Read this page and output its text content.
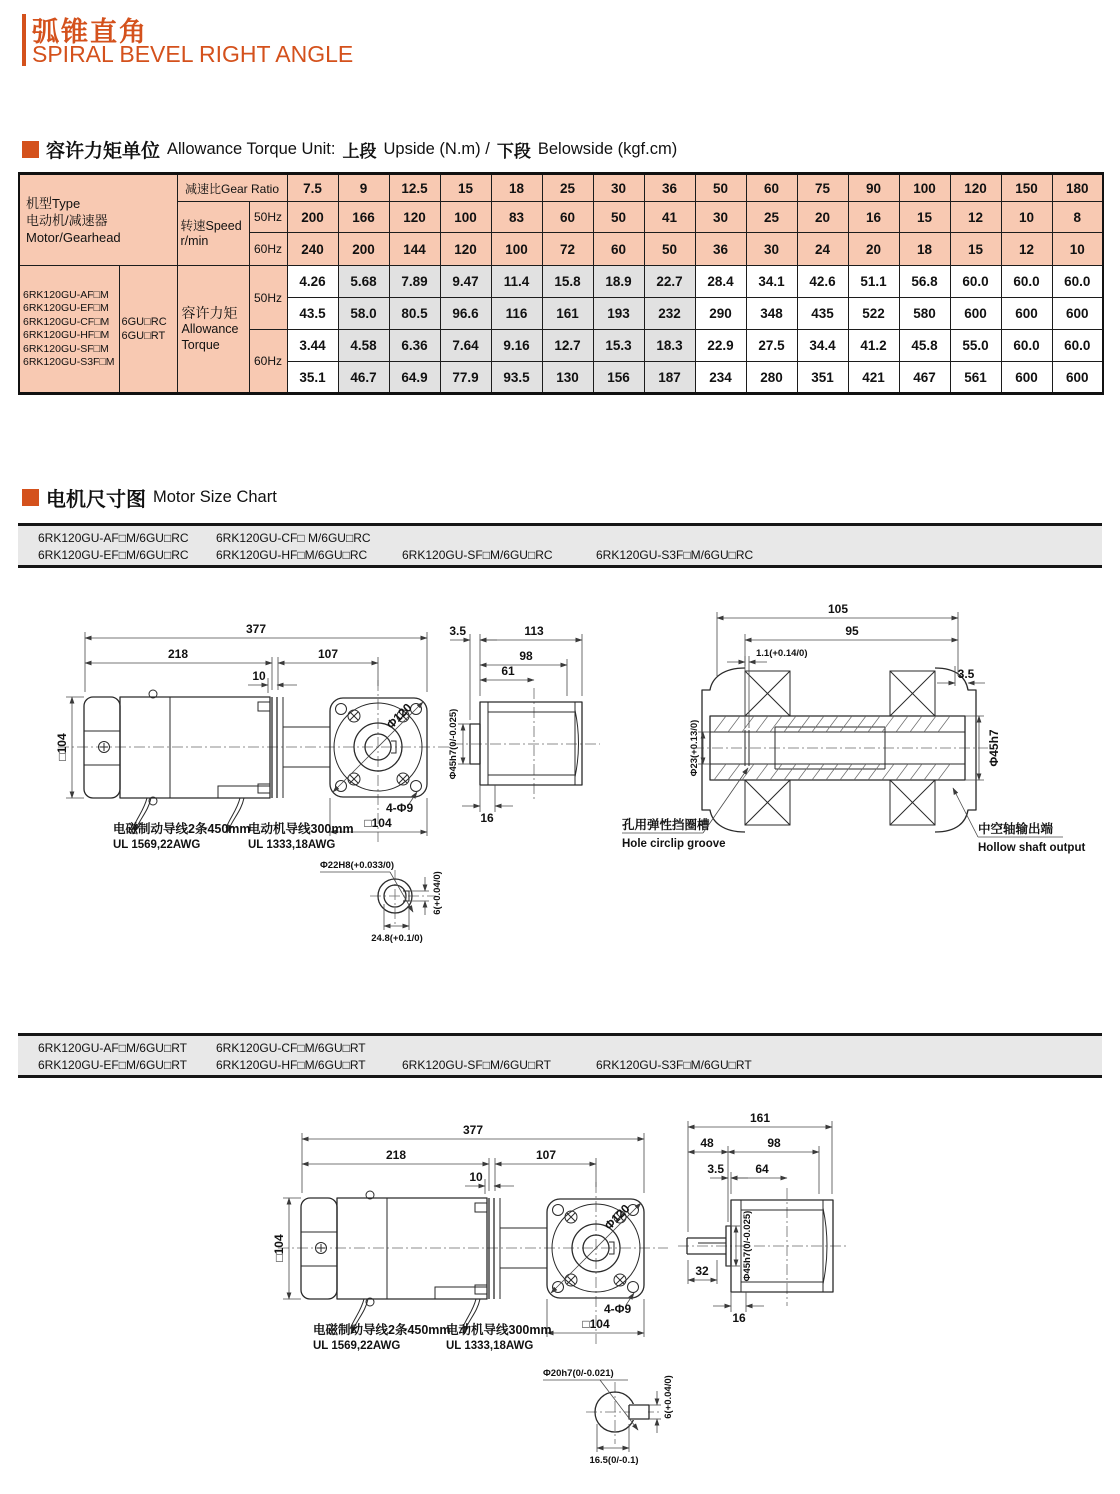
弧锥直角
SPIRAL BEVEL RIGHT ANGLE
容许力矩单位 Allowance Torque Unit: 上段 Upside (N.m) / 下段 Belowside (kgf.cm)
机型Type
电动机/减速器
Motor/Gearhead		减速比Gear Ratio		7.5	9	12.5	15	18	25	30	36	50	60	75	90	100	120	150	180

		转速Speed
r/min	50Hz	200	166	120	100	83	60	50	41	30	25	20	16	15	12	10	8
			60Hz	240	200	144	120	100	72	60	50	36	30	24	20	18	15	12	10

6RK120GU-AF□M
6RK120GU-EF□M
6RK120GU-CF□M
6RK120GU-HF□M
6RK120GU-SF□M
6RK120GU-S3F□M

6GU□RC
6GU□RT

容许力矩
Allowance
Torque
	50Hz	4.26	5.68	7.89	9.47	11.4	15.8	18.9	22.7	28.4	34.1	42.6	51.1	56.8	60.0	60.0	60.0
				43.5	58.0	80.5	96.6	116	161	193	232	290	348	435	522	580	600	600	600
			60Hz	3.44	4.58	6.36	7.64	9.16	12.7	15.3	18.3	22.9	27.5	34.4	41.2	45.8	55.0	60.0	60.0
				35.1	46.7	64.9	77.9	93.5	130	156	187	234	280	351	421	467	561	600	600
电机尺寸图 Motor Size Chart
6RK120GU-AF□M/6GU□RC	6RK120GU-CF□ M/6GU□RC
6RK120GU-EF□M/6GU□RC	6RK120GU-HF□M/6GU□RC	6RK120GU-SF□M/6GU□RC	6RK120GU-S3F□M/6GU□RC
Φ120
377
218	107
10
□104
□104
4-Φ9
电磁制动导线2条450mm
UL 1569,22AWG
电动机导线300mm
UL 1333,18AWG
3.5	113
98
61
Φ45h7(0/-0.025)
16
105
95
1.1(+0.14/0)
3.5
Φ23(+0.13/0)	Φ45h7
孔用弹性挡圈槽
Hole circlip groove
中空轴输出端
Hollow shaft output
Φ22H8(+0.033/0)
6(+0.04/0)
24.8(+0.1/0)
6RK120GU-AF□M/6GU□RT	6RK120GU-CF□M/6GU□RT
6RK120GU-EF□M/6GU□RT	6RK120GU-HF□M/6GU□RT	6RK120GU-SF□M/6GU□RT	6RK120GU-S3F□M/6GU□RT
Φ120
377
218	107
10
□104
□104
4-Φ9
电磁制动导线2条450mm
UL 1569,22AWG
电动机导线300mm
UL 1333,18AWG
161
48	98
3.5	64
32	Φ45h7(0/-0.025)
16
Φ20h7(0/-0.021)
6(+0.04/0)
16.5(0/-0.1)
